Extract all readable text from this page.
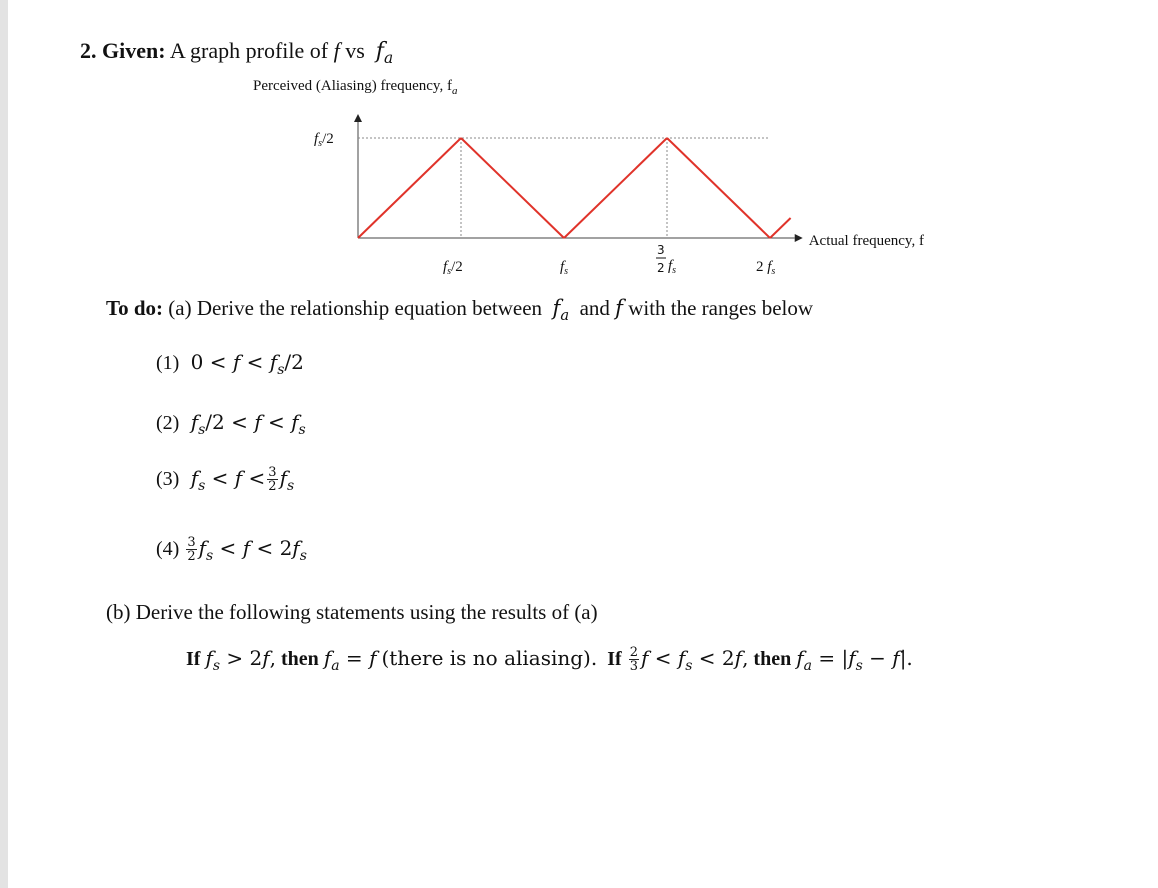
2. Given: A graph profile of f vs $f_a$
Perceived (Aliasing) frequency, $f_a$
$f_s/2$
$f_s/2$	$f_s$	2 $f_s$
3
2 $f_s$
Actual frequency, f
To do: (a) Derive the relationship equation between $f_a$ and f with the ranges below
(1)  $0 < f < f_s/2$
(2) $f_s/2 < f < f_s$
(3) $f_s < f < \frac{3}{2} f_s$
$(4) \frac{3}{2} f_s < f < 2f_s$
(b) Derive the following statements using the results of (a)
If $f_s > 2f$, then $f_a = f$ (there is no aliasing). If $\frac{2}{3}$ $f < f_s < 2f$, then $f_a = |f_s - f|$.
